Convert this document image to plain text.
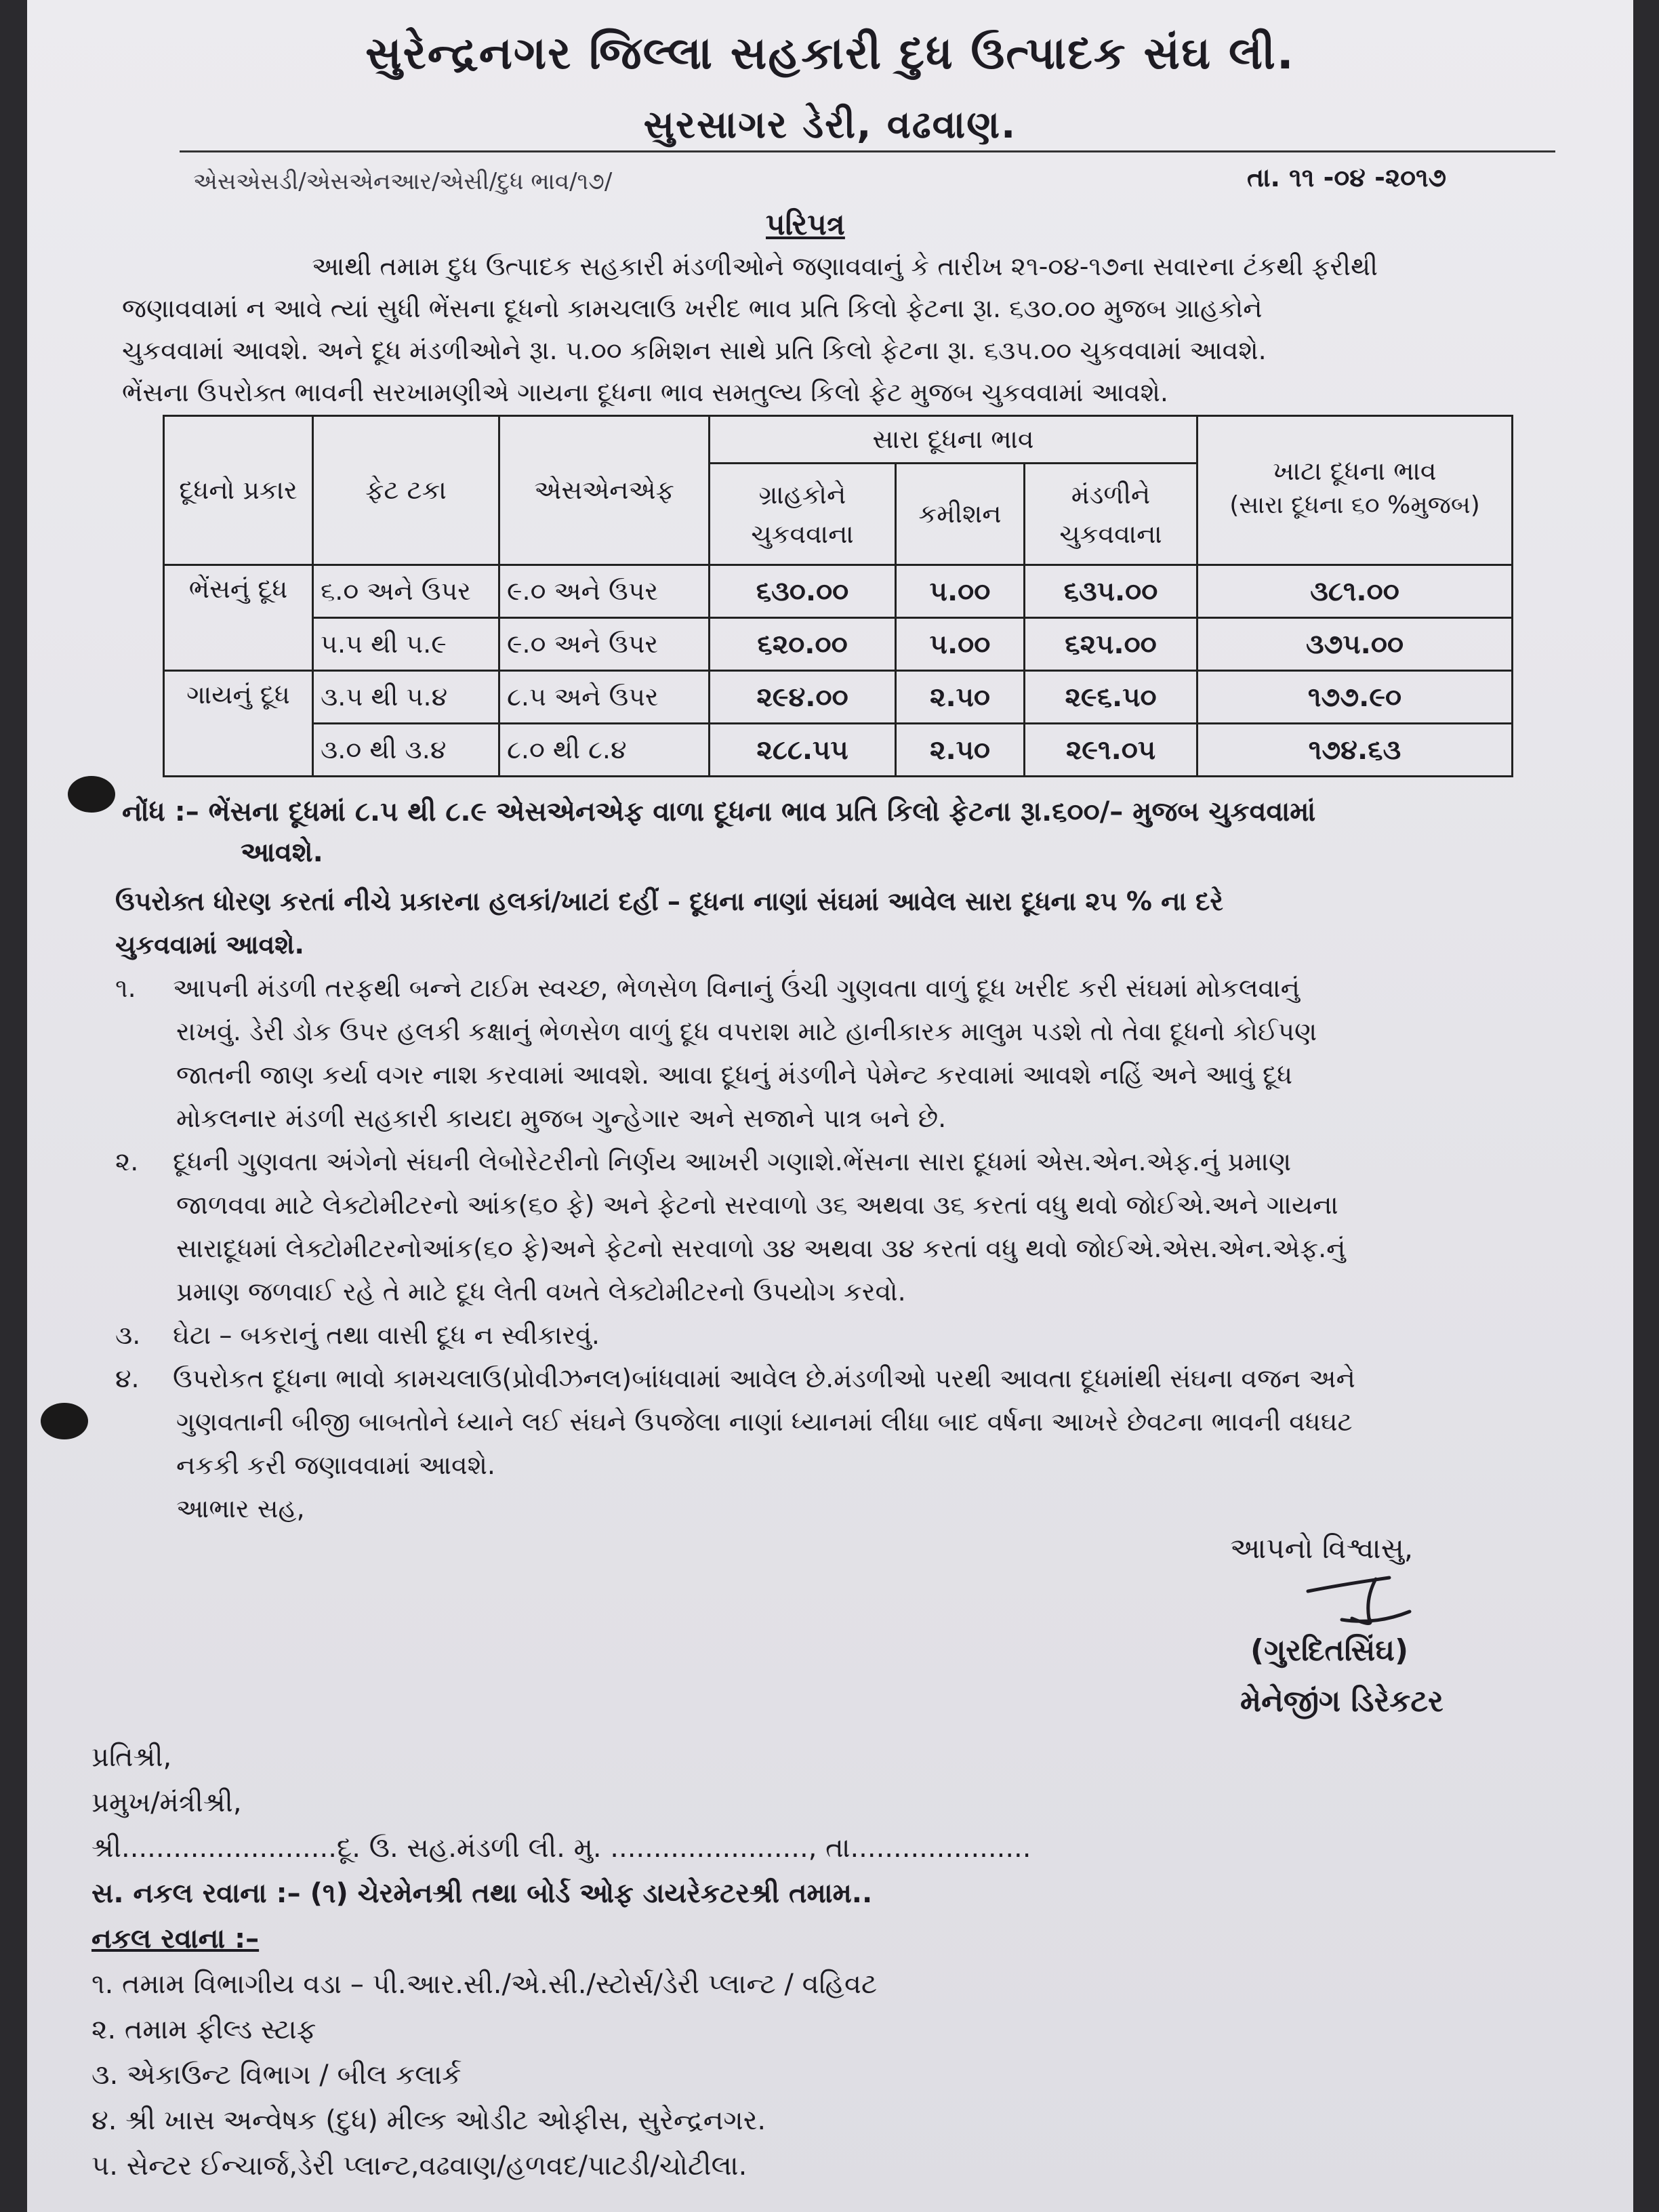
સુરેન્દ્રનગર જિલ્લા સહકારી દુધ ઉત્પાદક સંઘ લી.
સુરસાગર ડેરી, વઢવાણ.
એસએસડી/એસએનઆર/એસી/દુધ ભાવ/૧૭/	તા. ૧૧ -૦૪ -૨૦૧૭
પરિપત્ર
આથી તમામ દુધ ઉત્પાદક સહકારી મંડળીઓને જણાવવાનું કે તારીખ ૨૧-૦૪-૧૭ના સવારના ટંકથી ફરીથી
જણાવવામાં ન આવે ત્યાં સુધી ભેંસના દૂધનો કામચલાઉ ખરીદ ભાવ પ્રતિ કિલો ફેટના રૂા. ૬૩૦.૦૦ મુજબ ગ્રાહકોને
ચુકવવામાં આવશે. અને દૂધ મંડળીઓને રૂા. ૫.૦૦ કમિશન સાથે પ્રતિ કિલો ફેટના રૂા. ૬૩૫.૦૦ ચુકવવામાં આવશે.
ભેંસના ઉપરોક્ત ભાવની સરખામણીએ ગાયના દૂધના ભાવ સમતુલ્ય કિલો ફેટ મુજબ ચુકવવામાં આવશે.
દૂધનો પ્રકાર	ફેટ ટકા	એસએનએફ	સારા દૂધના ભાવ			ખાટા દૂધના ભાવ
(સારા દૂધના ૬૦ %મુજબ)

			ગ્રાહકોને ચુકવવાના	કમીશન	મંડળીને ચુકવવાના	
ભેંસનું દૂધ	૬.૦ અને ઉપર	૯.૦ અને ઉપર	૬૩૦.૦૦	૫.૦૦	૬૩૫.૦૦	૩૮૧.૦૦
	૫.૫ થી ૫.૯	૯.૦ અને ઉપર	૬૨૦.૦૦	૫.૦૦	૬૨૫.૦૦	૩૭૫.૦૦
ગાયનું દૂધ	૩.૫ થી ૫.૪	૮.૫ અને ઉપર	૨૯૪.૦૦	૨.૫૦	૨૯૬.૫૦	૧૭૭.૯૦
	૩.૦ થી ૩.૪	૮.૦ થી ૮.૪	૨૮૮.૫૫	૨.૫૦	૨૯૧.૦૫	૧૭૪.૬૩
નોંધ :– ભેંસના દૂધમાં ૮.૫ થી ૮.૯ એસએનએફ વાળા દૂધના ભાવ પ્રતિ કિલો ફેટના રૂા.૬૦૦/– મુજબ ચુકવવામાં
આવશે.
ઉપરોક્ત ધોરણ કરતાં નીચે પ્રકારના હલકાં/ખાટાં દહીં – દૂધના નાણાં સંઘમાં આવેલ સારા દૂધના ૨૫ % ના દરે
ચુકવવામાં આવશે.
૧. આપની મંડળી તરફથી બન્ને ટાઈમ સ્વચ્છ, ભેળસેળ વિનાનું ઉંચી ગુણવતા વાળું દૂધ ખરીદ કરી સંઘમાં મોકલવાનું
રાખવું. ડેરી ડોક ઉપર હલકી કક્ષાનું ભેળસેળ વાળું દૂધ વપરાશ માટે હાનીકારક માલુમ પડશે તો તેવા દૂધનો કોઈપણ
જાતની જાણ કર્યા વગર નાશ કરવામાં આવશે. આવા દૂધનું મંડળીને પેમેન્ટ કરવામાં આવશે નહિં અને આવું દૂધ
મોકલનાર મંડળી સહકારી કાયદા મુજબ ગુન્હેગાર અને સજાને પાત્ર બને છે.
૨. દૂધની ગુણવતા અંગેનો સંઘની લેબોરેટરીનો નિર્ણય આખરી ગણાશે.ભેંસના સારા દૂધમાં એસ.એન.એફ.નું પ્રમાણ
જાળવવા માટે લેક્ટોમીટરનો આંક(૬૦ ફે) અને ફેટનો સરવાળો ૩૬ અથવા ૩૬ કરતાં વધુ થવો જોઈએ.અને ગાયના
સારાદૂધમાં લેક્ટોમીટરનોઆંક(૬૦ ફે)અને ફેટનો સરવાળો ૩૪ અથવા ૩૪ કરતાં વધુ થવો જોઈએ.એસ.એન.એફ.નું
પ્રમાણ જળવાઈ રહે તે માટે દૂધ લેતી વખતે લેક્ટોમીટરનો ઉપયોગ કરવો.
૩. ઘેટા – બકરાનું તથા વાસી દૂધ ન સ્વીકારવું.
૪. ઉપરોકત દૂધના ભાવો કામચલાઉ(પ્રોવીઝનલ)બાંધવામાં આવેલ છે.મંડળીઓ પરથી આવતા દૂધમાંથી સંઘના વજન અને
ગુણવતાની બીજી બાબતોને ધ્યાને લઈ સંઘને ઉપજેલા નાણાં ધ્યાનમાં લીધા બાદ વર્ષના આખરે છેવટના ભાવની વધઘટ
નકકી કરી જણાવવામાં આવશે.
આભાર સહ,
આપનો વિશ્વાસુ,
(ગુરદિતસિંઘ)
મેનેજીંગ ડિરેકટર
પ્રતિશ્રી,
પ્રમુખ/મંત્રીશ્રી,
શ્રી.........................દૂ. ઉ. સહ.મંડળી લી. મુ. ......................., તા.....................
સ. નકલ રવાના :– (૧) ચેરમેનશ્રી તથા બોર્ડ ઓફ ડાયરેકટરશ્રી તમામ..
નકલ રવાના :–
૧. તમામ વિભાગીય વડા – પી.આર.સી./એ.સી./સ્ટોર્સ/ડેરી પ્લાન્ટ / વહિવટ
૨. તમામ ફીલ્ડ સ્ટાફ
૩. એકાઉન્ટ વિભાગ / બીલ કલાર્ક
૪. શ્રી ખાસ અન્વેષક (દુધ) મીલ્ક ઓડીટ ઓફીસ, સુરેન્દ્રનગર.
૫. સેન્ટર ઈન્ચાર્જ,ડેરી પ્લાન્ટ,વઢવાણ/હળવદ/પાટડી/ચોટીલા.
